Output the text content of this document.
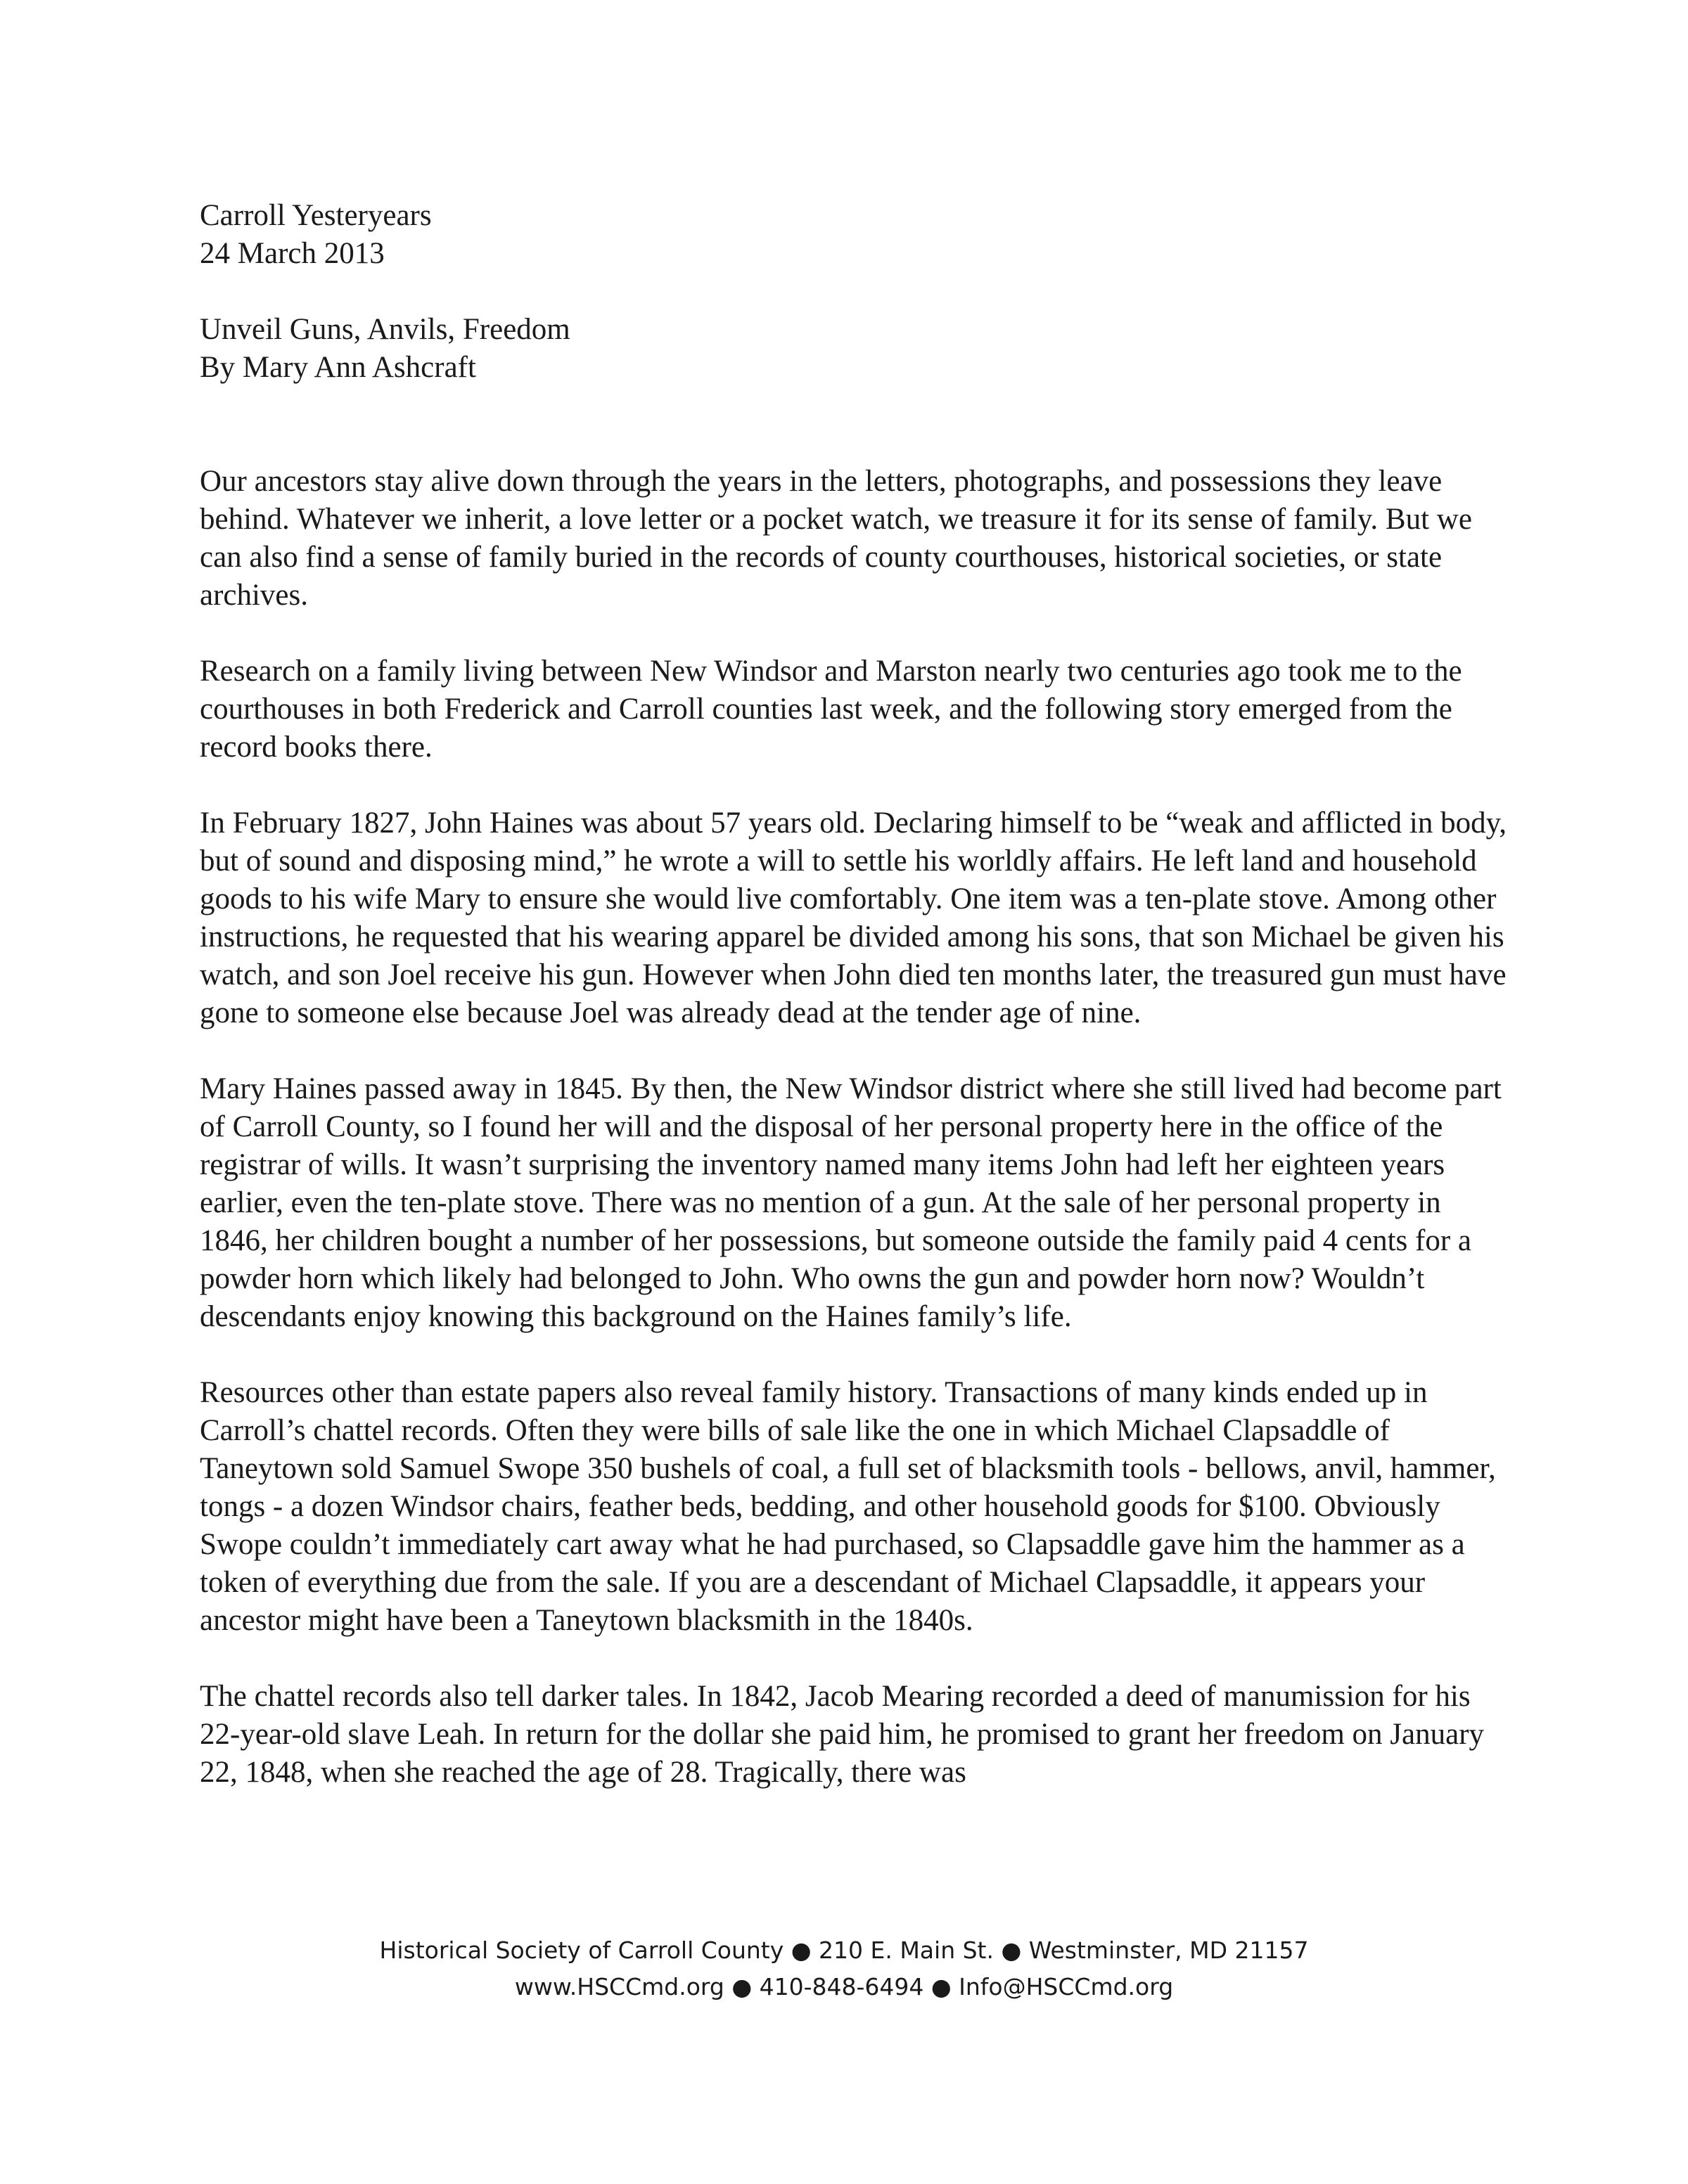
Carroll Yesteryears

24 March 2013

Unveil Guns, Anvils, Freedom

By Mary Ann Ashcraft

Our ancestors stay alive down through the years in the letters, photographs, and possessions they leave behind. Whatever we inherit, a love letter or a pocket watch, we treasure it for its sense of family. But we can also find a sense of family buried in the records of county courthouses, historical societies, or state archives.

Research on a family living between New Windsor and Marston nearly two centuries ago took me to the courthouses in both Frederick and Carroll counties last week, and the following story emerged from the record books there.

In February 1827, John Haines was about 57 years old. Declaring himself to be “weak and afflicted in body, but of sound and disposing mind,” he wrote a will to settle his worldly affairs. He left land and household goods to his wife Mary to ensure she would live comfortably. One item was a ten-plate stove. Among other instructions, he requested that his wearing apparel be divided among his sons, that son Michael be given his watch, and son Joel receive his gun. However when John died ten months later, the treasured gun must have gone to someone else because Joel was already dead at the tender age of nine.

Mary Haines passed away in 1845. By then, the New Windsor district where she still lived had become part of Carroll County, so I found her will and the disposal of her personal property here in the office of the registrar of wills. It wasn’t surprising the inventory named many items John had left her eighteen years earlier, even the ten-plate stove. There was no mention of a gun. At the sale of her personal property in 1846, her children bought a number of her possessions, but someone outside the family paid 4 cents for a powder horn which likely had belonged to John. Who owns the gun and powder horn now? Wouldn’t descendants enjoy knowing this background on the Haines family’s life.

Resources other than estate papers also reveal family history. Transactions of many kinds ended up in Carroll’s chattel records. Often they were bills of sale like the one in which Michael Clapsaddle of Taneytown sold Samuel Swope 350 bushels of coal, a full set of blacksmith tools - bellows, anvil, hammer, tongs - a dozen Windsor chairs, feather beds, bedding, and other household goods for $100. Obviously Swope couldn’t immediately cart away what he had purchased, so Clapsaddle gave him the hammer as a token of everything due from the sale. If you are a descendant of Michael Clapsaddle, it appears your ancestor might have been a Taneytown blacksmith in the 1840s.

The chattel records also tell darker tales. In 1842, Jacob Mearing recorded a deed of manumission for his 22-year-old slave Leah. In return for the dollar she paid him, he promised to grant her freedom on January 22, 1848, when she reached the age of 28. Tragically, there was

Historical Society of Carroll County ● 210 E. Main St. ● Westminster, MD 21157

www.HSCCmd.org ● 410-848-6494 ● Info@HSCCmd.org
